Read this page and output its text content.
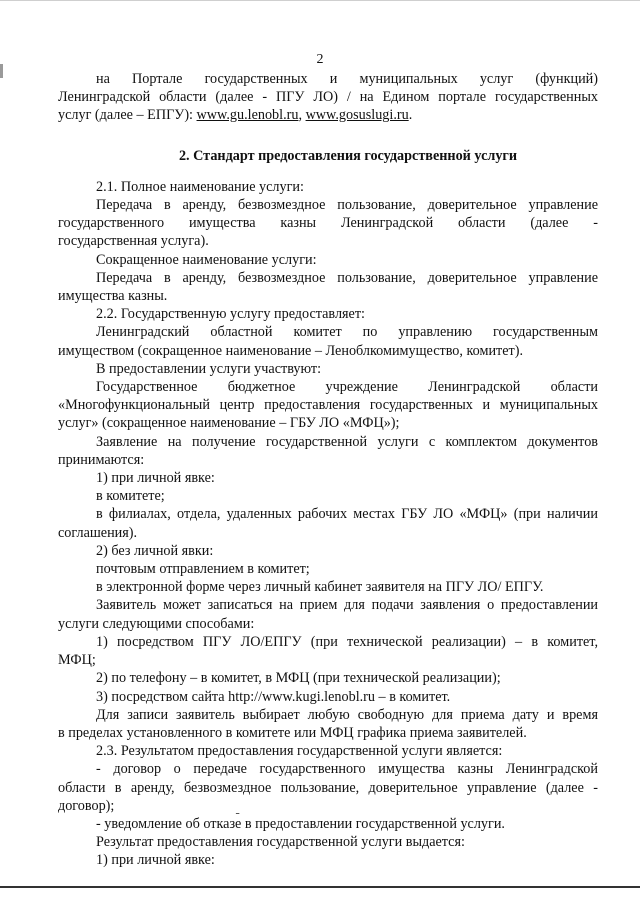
2

на Портале государственных и муниципальных услуг (функций)

Ленинградской области (далее - ПГУ ЛО) / на Едином портале государственных

услуг (далее – ЕПГУ): www.gu.lenobl.ru, www.gosuslugi.ru.

2. Стандарт предоставления государственной услуги

2.1. Полное наименование услуги:

Передача в аренду, безвозмездное пользование, доверительное управление

государственного имущества казны Ленинградской области (далее -

государственная услуга).

Сокращенное наименование услуги:

Передача в аренду, безвозмездное пользование, доверительное управление

имущества казны.

2.2. Государственную услугу предоставляет:

Ленинградский областной комитет по управлению государственным

имуществом (сокращенное наименование – Леноблкомимущество, комитет).

В предоставлении услуги участвуют:

Государственное бюджетное учреждение Ленинградской области

«Многофункциональный центр предоставления государственных и муниципальных

услуг» (сокращенное наименование – ГБУ ЛО «МФЦ»);

Заявление на получение государственной услуги с комплектом документов

принимаются:

1) при личной явке:

в комитете;

в филиалах, отдела, удаленных рабочих местах ГБУ ЛО «МФЦ» (при наличии

соглашения).

2) без личной явки:

почтовым отправлением в комитет;

в электронной форме через личный кабинет заявителя на ПГУ ЛО/ ЕПГУ.

Заявитель может записаться на прием для подачи заявления о предоставлении

услуги следующими способами:

1) посредством ПГУ ЛО/ЕПГУ (при технической реализации) – в комитет,

МФЦ;

2) по телефону – в комитет, в МФЦ (при технической реализации);

3) посредством сайта http://www.kugi.lenobl.ru – в комитет.

Для записи заявитель выбирает любую свободную для приема дату и время

в пределах установленного в комитете или МФЦ графика приема заявителей.

2.3. Результатом предоставления государственной услуги является:

- договор о передаче государственного имущества казны Ленинградской

области в аренду, безвозмездное пользование, доверительное управление (далее -

договор);

- уведомление об отказе в предоставлении государственной услуги.

Результат предоставления государственной услуги выдается:

1) при личной явке:

ـ
